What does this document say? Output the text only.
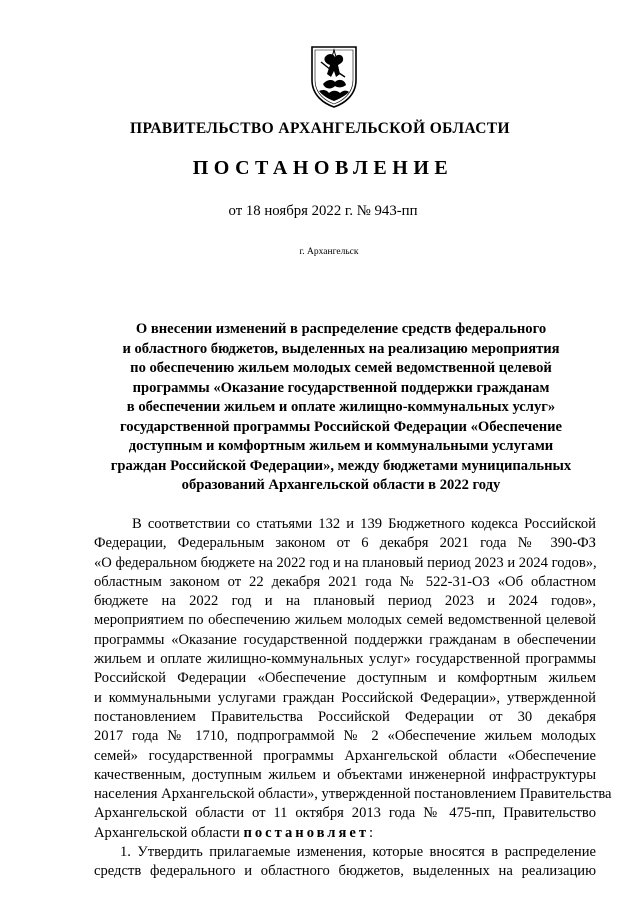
ПРАВИТЕЛЬСТВО АРХАНГЕЛЬСКОЙ ОБЛАСТИ
ПОСТАНОВЛЕНИЕ
от 18 ноября 2022 г. № 943-пп
г. Архангельск
О внесении изменений в распределение средств федерального
и областного бюджетов, выделенных на реализацию мероприятия
по обеспечению жильем молодых семей ведомственной целевой
программы «Оказание государственной поддержки гражданам
в обеспечении жильем и оплате жилищно-коммунальных услуг»
государственной программы Российской Федерации «Обеспечение
доступным и комфортным жильем и коммунальными услугами
граждан Российской Федерации», между бюджетами муниципальных
образований Архангельской области в 2022 году
В соответствии со статьями 132 и 139 Бюджетного кодекса Российской
Федерации, Федеральным законом от 6 декабря 2021 года № 390-ФЗ
«О федеральном бюджете на 2022 год и на плановый период 2023 и 2024 годов»,
областным законом от 22 декабря 2021 года № 522-31-ОЗ «Об областном
бюджете на 2022 год и на плановый период 2023 и 2024 годов»,
мероприятием по обеспечению жильем молодых семей ведомственной целевой
программы «Оказание государственной поддержки гражданам в обеспечении
жильем и оплате жилищно-коммунальных услуг» государственной программы
Российской Федерации «Обеспечение доступным и комфортным жильем
и коммунальными услугами граждан Российской Федерации», утвержденной
постановлением Правительства Российской Федерации от 30 декабря
2017 года № 1710, подпрограммой № 2 «Обеспечение жильем молодых
семей» государственной программы Архангельской области «Обеспечение
качественным, доступным жильем и объектами инженерной инфраструктуры
населения Архангельской области», утвержденной постановлением Правительства
Архангельской области от 11 октября 2013 года № 475-пп, Правительство
Архангельской области постановляет:
1. Утвердить прилагаемые изменения, которые вносятся в распределение
средств федерального и областного бюджетов, выделенных на реализацию
